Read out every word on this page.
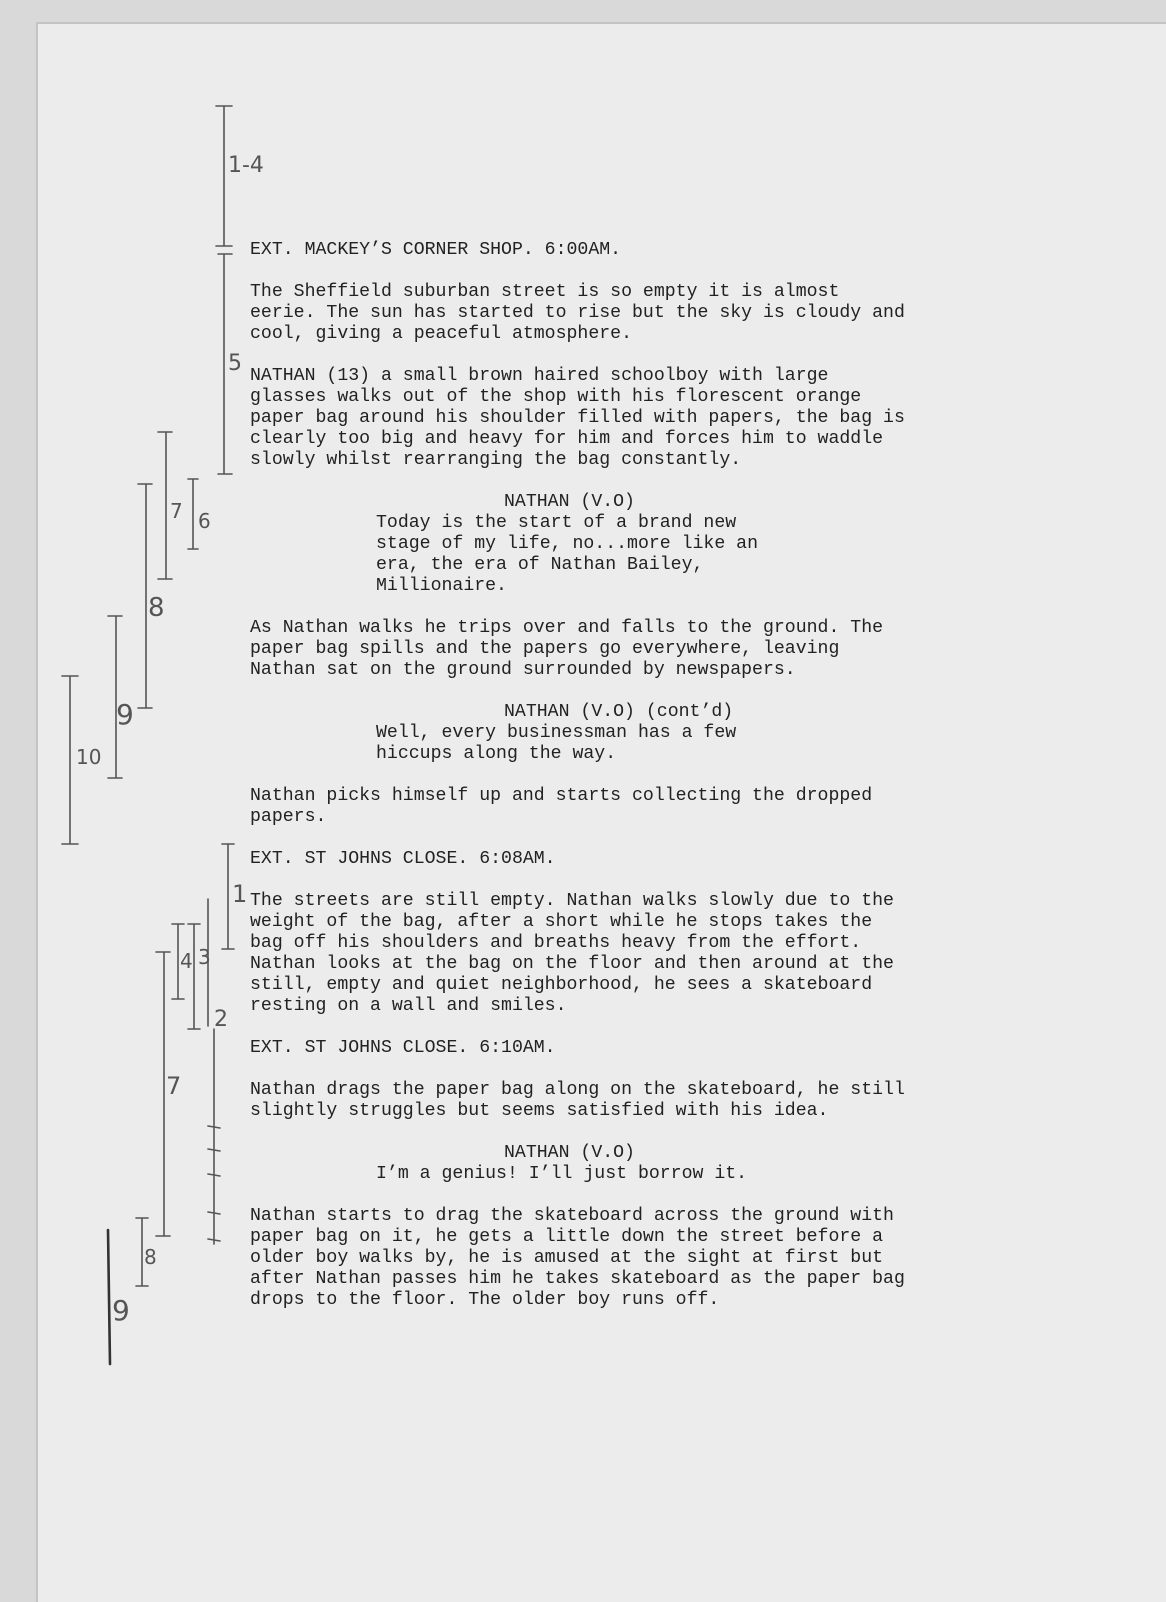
EXT. MACKEY’S CORNER SHOP. 6:00AM.
The Sheffield suburban street is so empty it is almost
eerie. The sun has started to rise but the sky is cloudy and
cool, giving a peaceful atmosphere.
NATHAN (13) a small brown haired schoolboy with large
glasses walks out of the shop with his florescent orange
paper bag around his shoulder filled with papers, the bag is
clearly too big and heavy for him and forces him to waddle
slowly whilst rearranging the bag constantly.
NATHAN (V.O)
Today is the start of a brand new
stage of my life, no...more like an
era, the era of Nathan Bailey,
Millionaire.
As Nathan walks he trips over and falls to the ground. The
paper bag spills and the papers go everywhere, leaving
Nathan sat on the ground surrounded by newspapers.
NATHAN (V.O) (cont’d)
Well, every businessman has a few
hiccups along the way.
Nathan picks himself up and starts collecting the dropped
papers.
EXT. ST JOHNS CLOSE. 6:08AM.
The streets are still empty. Nathan walks slowly due to the
weight of the bag, after a short while he stops takes the
bag off his shoulders and breaths heavy from the effort.
Nathan looks at the bag on the floor and then around at the
still, empty and quiet neighborhood, he sees a skateboard
resting on a wall and smiles.
EXT. ST JOHNS CLOSE. 6:10AM.
Nathan drags the paper bag along on the skateboard, he still
slightly struggles but seems satisfied with his idea.
NATHAN (V.O)
I’m a genius! I’ll just borrow it.
Nathan starts to drag the skateboard across the ground with
paper bag on it, he gets a little down the street before a
older boy walks by, he is amused at the sight at first but
after Nathan passes him he takes skateboard as the paper bag
drops to the floor. The older boy runs off.
1-4
5
6
7
8
9
10
1
2
3
4
7
8
9
